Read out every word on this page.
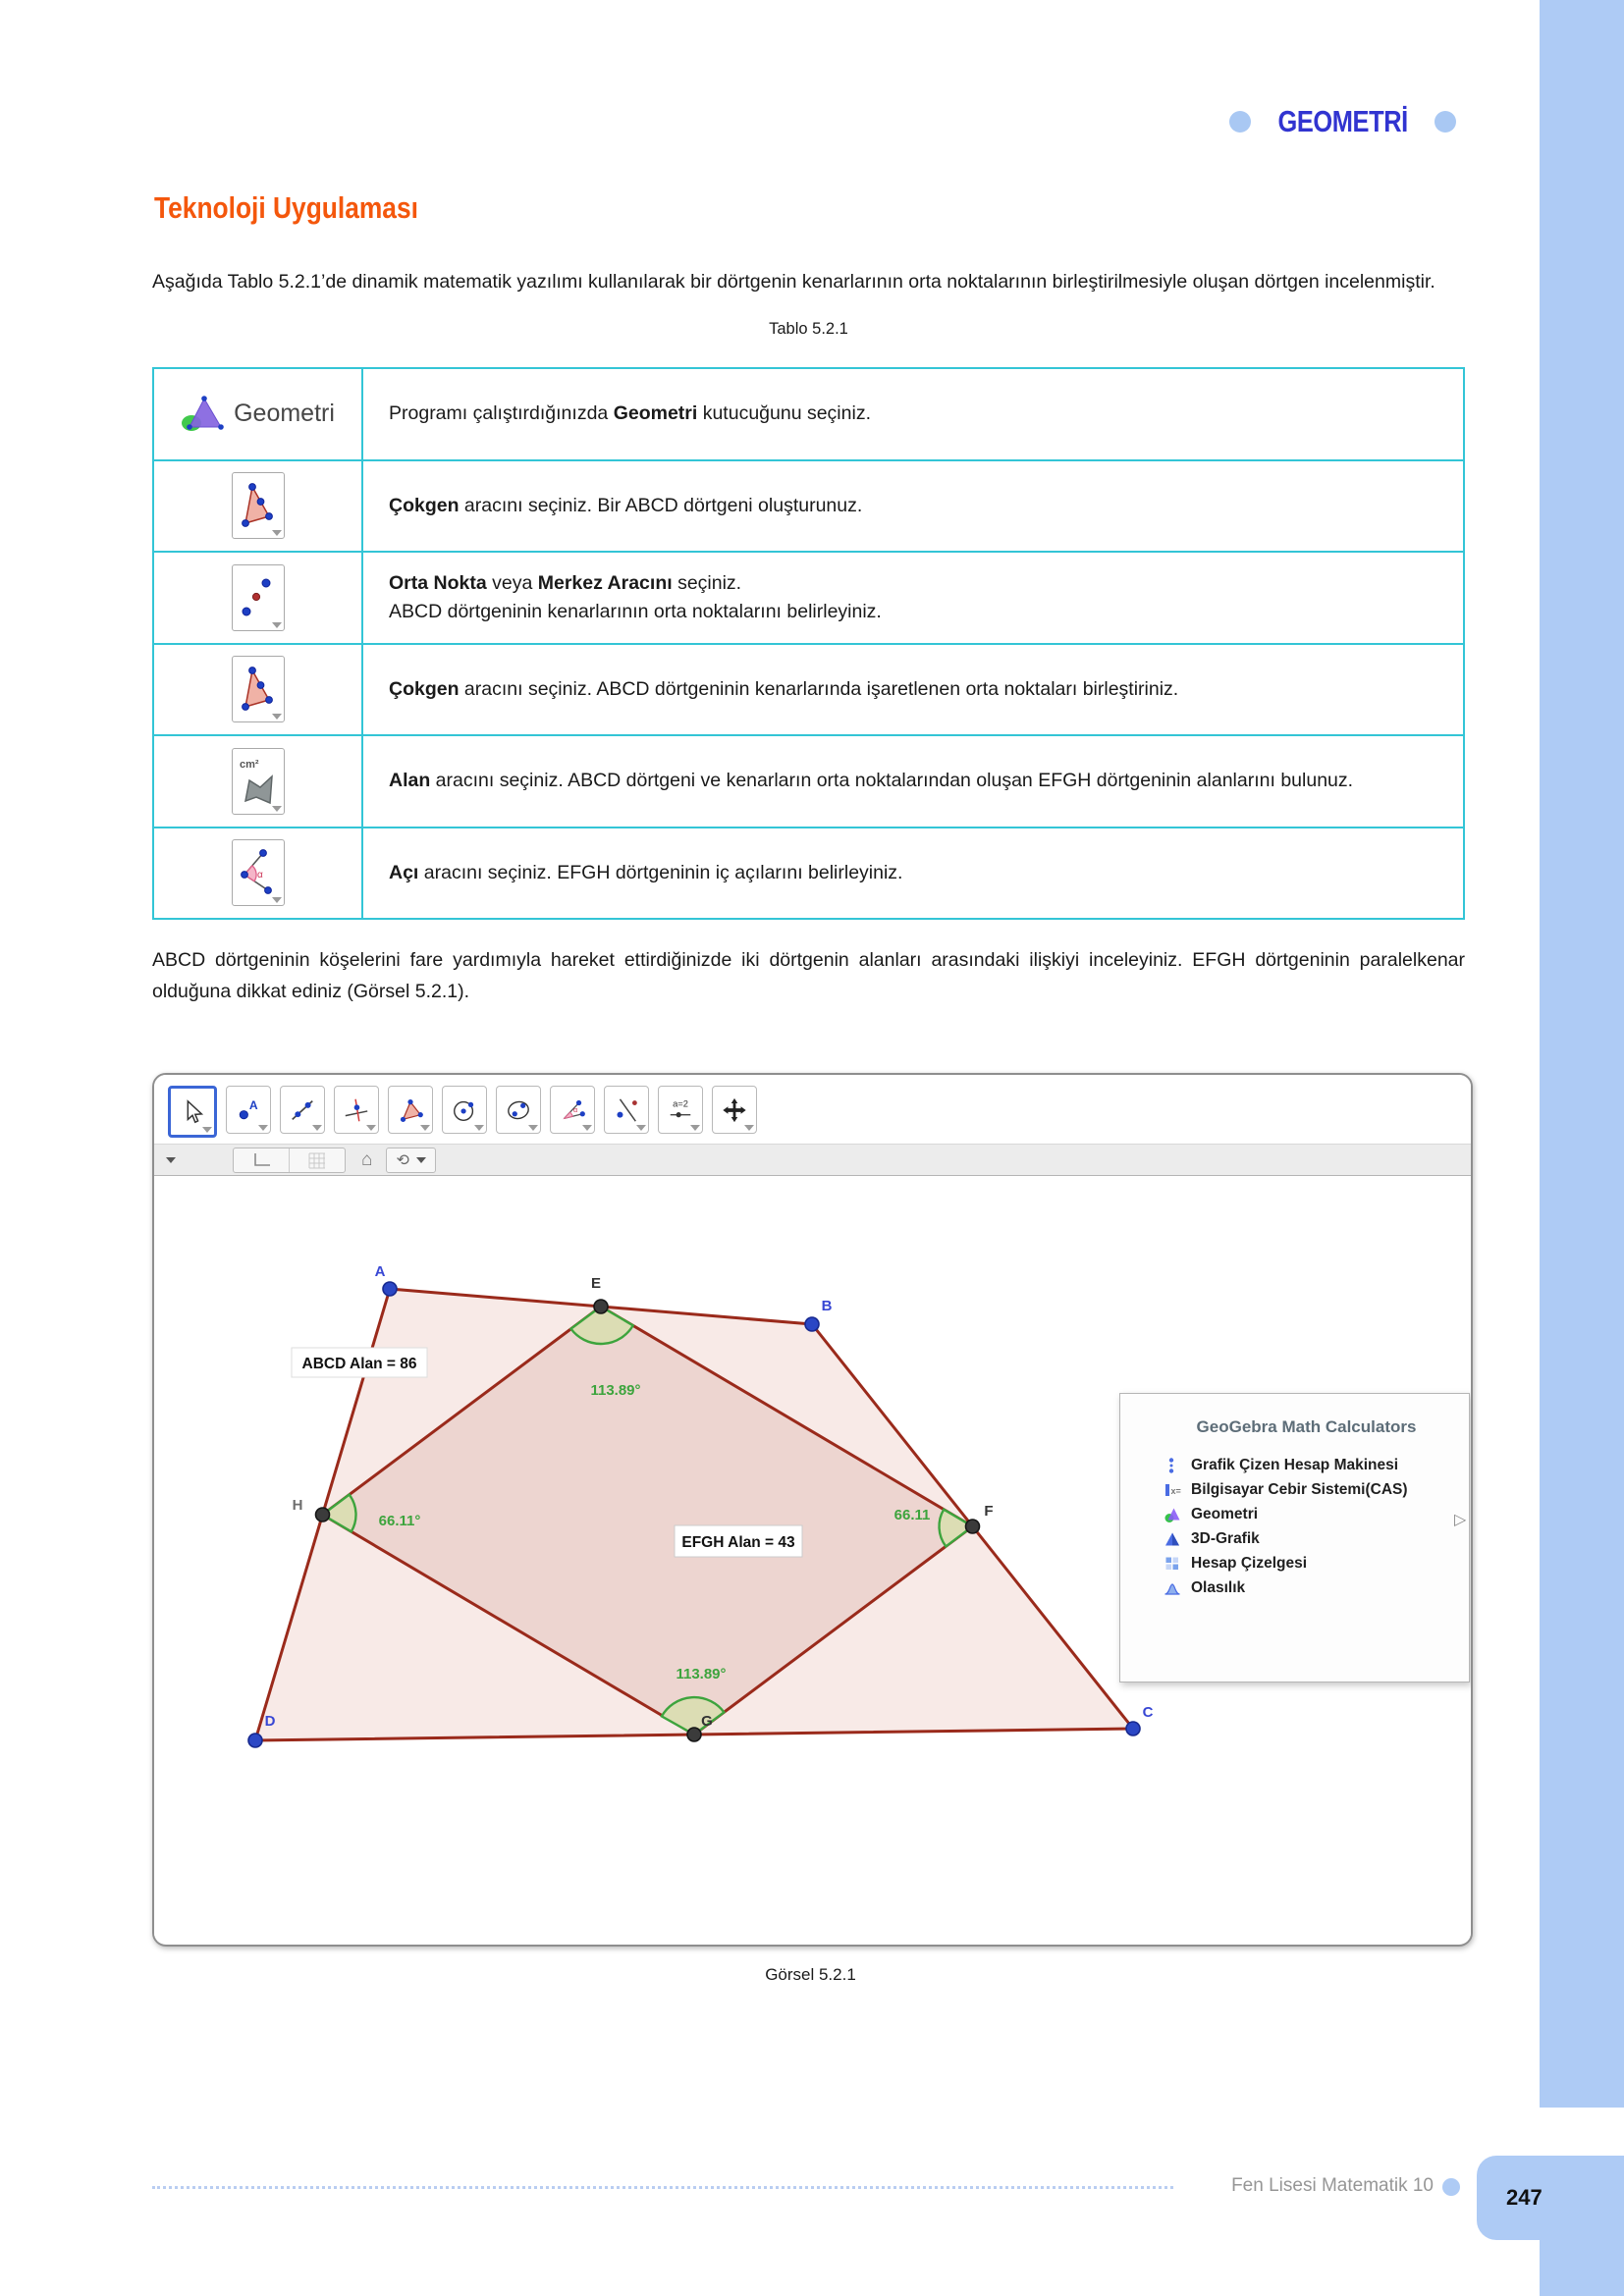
247
GEOMETRİ
Teknoloji Uygulaması

Aşağıda Tablo 5.2.1’de dinamik matematik yazılımı kullanılarak bir dörtgenin kenarlarının orta noktalarının birleştirilmesiyle oluşan dörtgen incelenmiştir.

Tablo 5.2.1
Geometri	Programı çalıştırdığınızda Geometri kutucuğunu seçiniz.
Çokgen aracını seçiniz. Bir ABCD dörtgeni oluşturunuz.
Orta Nokta veya Merkez Aracını seçiniz.
ABCD dörtgeninin kenarlarının orta noktalarını belirleyiniz.
Çokgen aracını seçiniz. ABCD dörtgeninin kenarlarında işaretlenen orta noktaları birleştiriniz.
cm²
Alan aracını seçiniz. ABCD dörtgeni ve kenarların orta noktalarından oluşan EFGH dörtgeninin alanlarını bulunuz.
α	Açı aracını seçiniz. EFGH dörtgeninin iç açılarını belirleyiniz.

ABCD dörtgeninin köşelerini fare yardımıyla hareket ettirdiğinizde iki dörtgenin alanları arasındaki ilişkiyi inceleyiniz. EFGH dörtgeninin paralelkenar olduğuna dikkat ediniz (Görsel 5.2.1).

A	α
a=2
⌂ ⟲
ABCD Alan = 86
EFGH Alan = 43
113.89°
66.11°	66.11
113.89°
A
B
C
D
E
F
G
H
GeoGebra Math Calculators
Grafik Çizen Hesap Makinesi
x= Bilgisayar Cebir Sistemi(CAS)
Geometri
3D-Grafik
Hesap Çizelgesi
Olasılık
▷
Görsel 5.2.1
Fen Lisesi Matematik 10
